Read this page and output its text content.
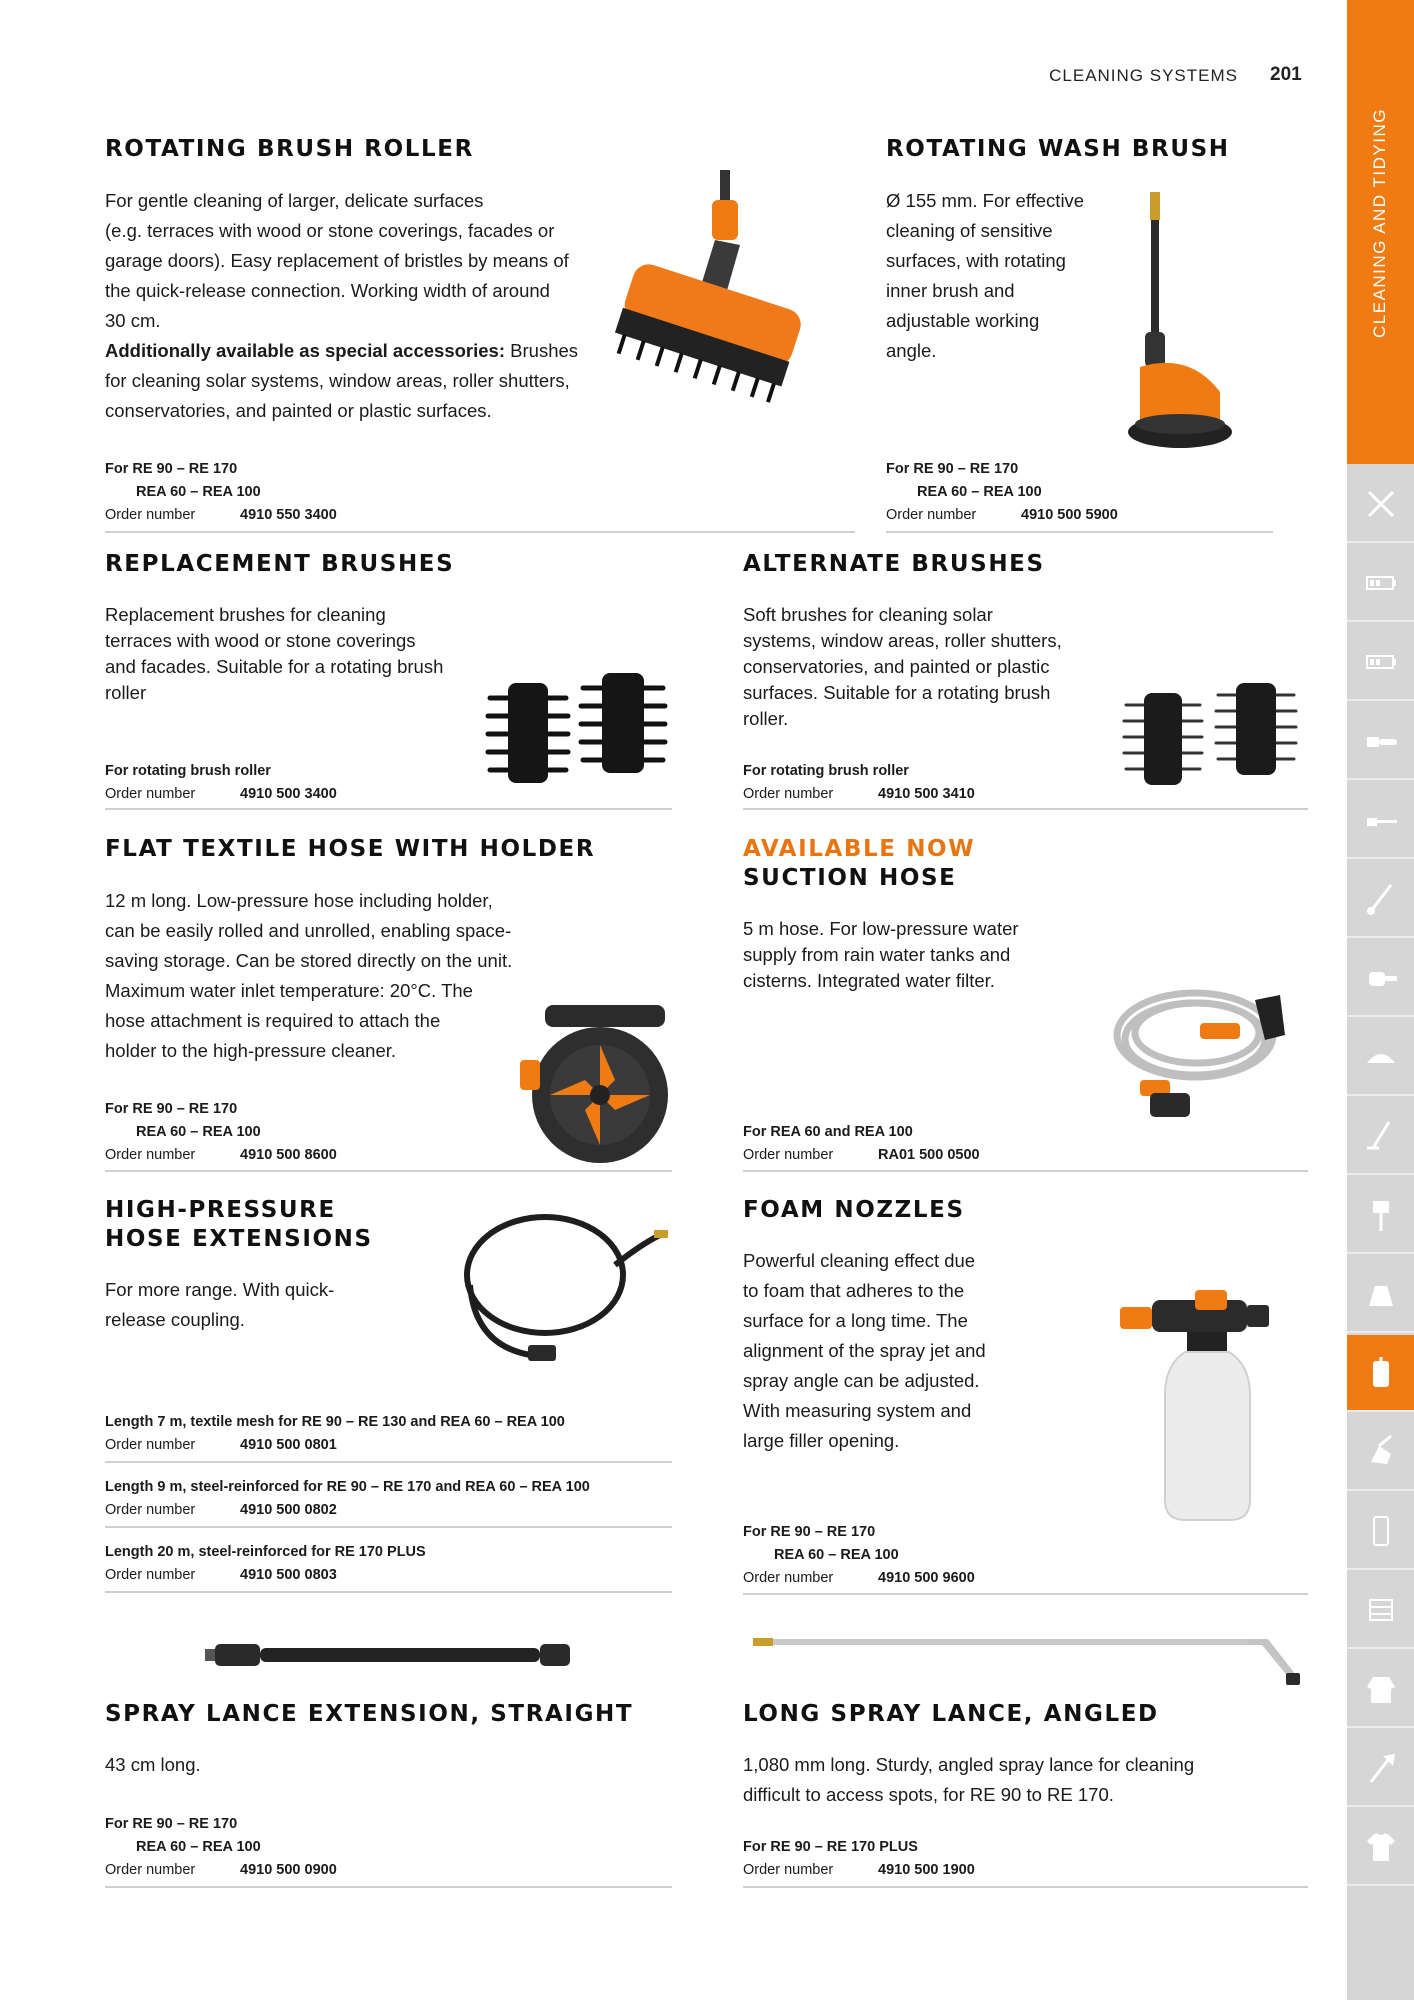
CLEANING SYSTEMS 201
CLEANING AND TIDYING
ROTATING BRUSH ROLLER
For gentle cleaning of larger, delicate surfaces
(e.g. terraces with wood or stone coverings, facades or
garage doors). Easy replacement of bristles by means of
the quick-release connection. Working width of around
30 cm.
Additionally available as special accessories: Brushes
for cleaning solar systems, window areas, roller shutters,
conservatories, and painted or plastic surfaces.
For RE 90 – RE 170
REA 60 – REA 100
Order number	4910 550 3400
ROTATING WASH BRUSH
Ø 155 mm. For effective
cleaning of sensitive
surfaces, with rotating
inner brush and
adjustable working
angle.
For RE 90 – RE 170
REA 60 – REA 100
Order number	4910 500 5900
REPLACEMENT BRUSHES
Replacement brushes for cleaning
terraces with wood or stone coverings
and facades. Suitable for a rotating brush
roller
For rotating brush roller
Order number	4910 500 3400
ALTERNATE BRUSHES
Soft brushes for cleaning solar
systems, window areas, roller shutters,
conservatories, and painted or plastic
surfaces. Suitable for a rotating brush
roller.
For rotating brush roller
Order number	4910 500 3410
FLAT TEXTILE HOSE WITH HOLDER
12 m long. Low-pressure hose including holder,
can be easily rolled and unrolled, enabling space-
saving storage. Can be stored directly on the unit.
Maximum water inlet temperature: 20°C. The
hose attachment is required to attach the
holder to the high-pressure cleaner.
For RE 90 – RE 170
REA 60 – REA 100
Order number	4910 500 8600
AVAILABLE NOW
SUCTION HOSE
5 m hose. For low-pressure water
supply from rain water tanks and
cisterns. Integrated water filter.
For REA 60 and REA 100
Order number	RA01 500 0500
HIGH-PRESSURE
HOSE EXTENSIONS
For more range. With quick-
release coupling.
Length 7 m, textile mesh for RE 90 – RE 130 and REA 60 – REA 100
Order number	4910 500 0801
Length 9 m, steel-reinforced for RE 90 – RE 170 and REA 60 – REA 100
Order number	4910 500 0802
Length 20 m, steel-reinforced for RE 170 PLUS
Order number	4910 500 0803
FOAM NOZZLES
Powerful cleaning effect due
to foam that adheres to the
surface for a long time. The
alignment of the spray jet and
spray angle can be adjusted.
With measuring system and
large filler opening.
For RE 90 – RE 170
REA 60 – REA 100
Order number	4910 500 9600
SPRAY LANCE EXTENSION, STRAIGHT
43 cm long.
For RE 90 – RE 170
REA 60 – REA 100
Order number	4910 500 0900
LONG SPRAY LANCE, ANGLED
1,080 mm long. Sturdy, angled spray lance for cleaning
difficult to access spots, for RE 90 to RE 170.
For RE 90 – RE 170 PLUS
Order number	4910 500 1900
